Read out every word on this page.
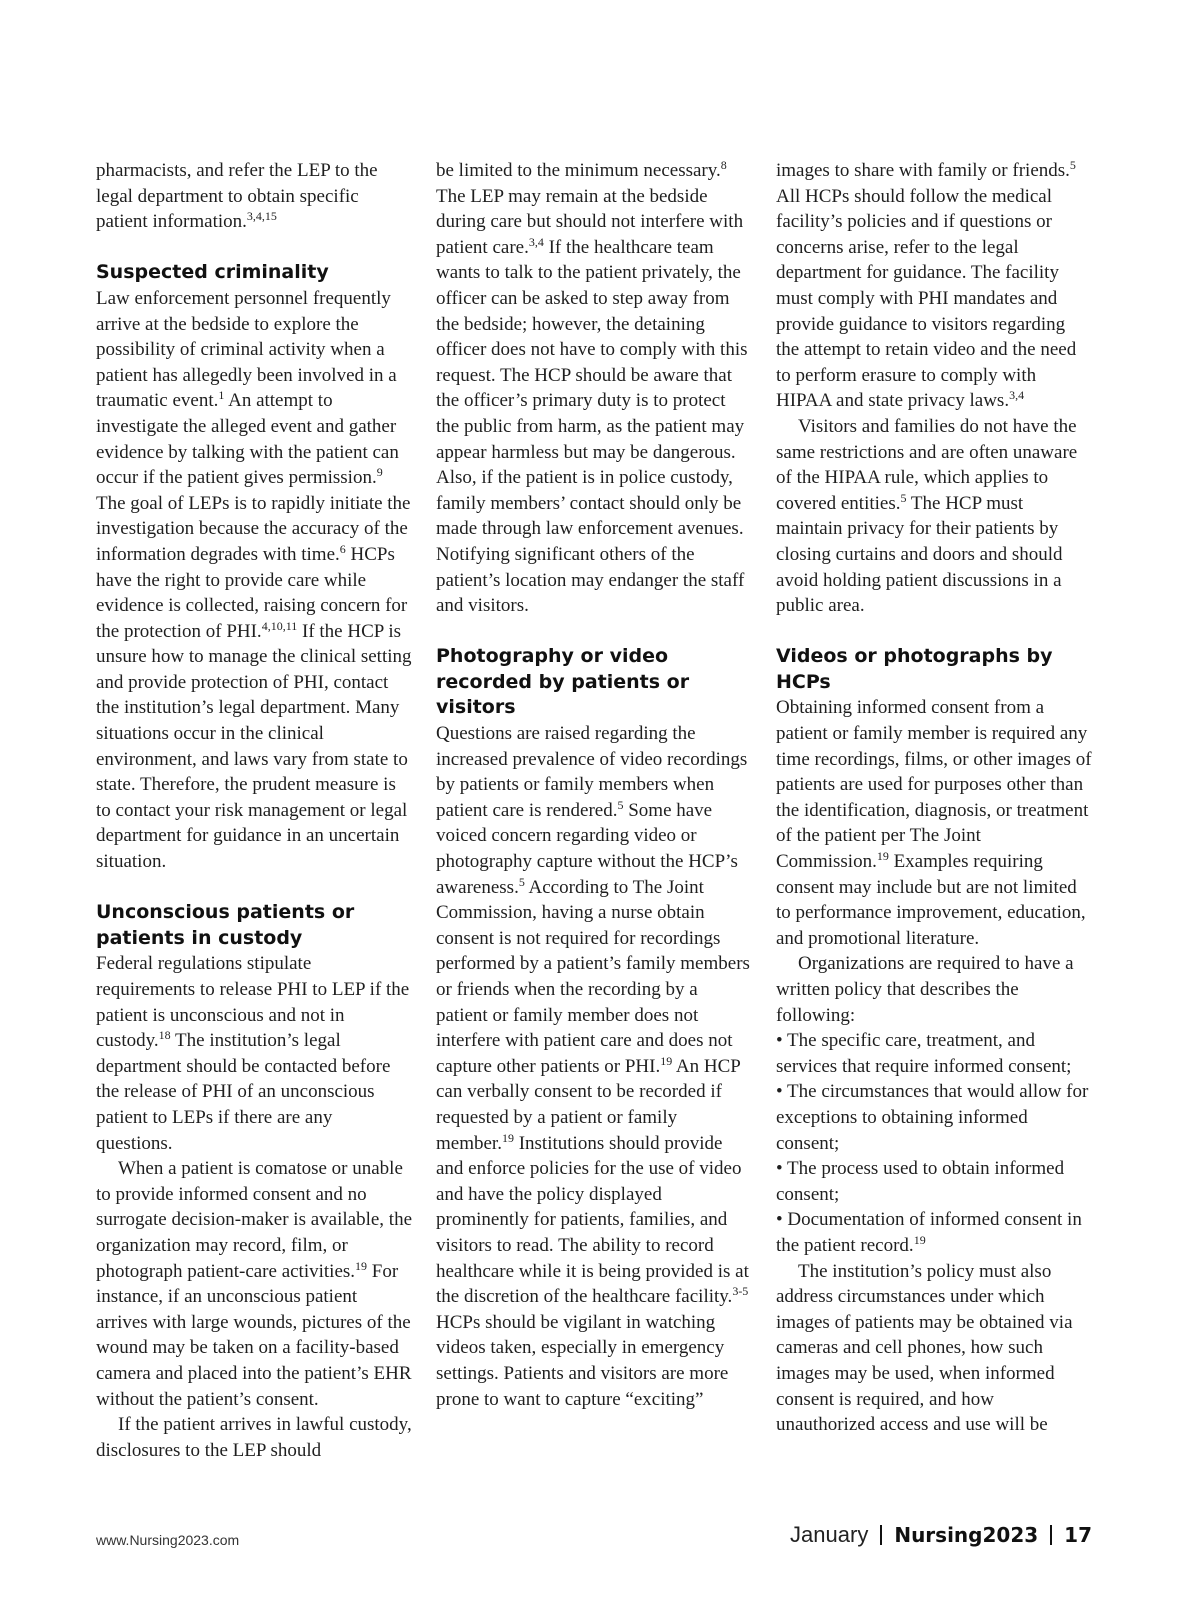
pharmacists, and refer the LEP to the legal department to obtain specific patient information.$^{3,4,15}$

Suspected criminality

Law enforcement personnel frequently arrive at the bedside to explore the possibility of criminal activity when a patient has allegedly been involved in a traumatic event.$^1$ An attempt to investigate the alleged event and gather evidence by talking with the patient can occur if the patient gives permission.$^9$ The goal of LEPs is to rapidly initiate the investigation because the accuracy of the information degrades with time.$^6$ HCPs have the right to provide care while evidence is collected, raising concern for the protection of PHI.$^{4,10,11}$ If the HCP is unsure how to manage the clinical setting and provide protection of PHI, contact the institution’s legal department. Many situations occur in the clinical environment, and laws vary from state to state. Therefore, the prudent measure is to contact your risk management or legal department for guidance in an uncertain situation.

Unconscious patients or patients in custody

Federal regulations stipulate requirements to release PHI to LEP if the patient is unconscious and not in custody.$^{18}$ The institution’s legal department should be contacted before the release of PHI of an unconscious patient to LEPs if there are any questions.

When a patient is comatose or unable to provide informed consent and no surrogate decision-maker is available, the organization may record, film, or photograph patient-care activities.$^{19}$ For instance, if an unconscious patient arrives with large wounds, pictures of the wound may be taken on a facility-based camera and placed into the patient’s EHR without the patient’s consent.

If the patient arrives in lawful custody, disclosures to the LEP should

be limited to the minimum necessary.$^8$ The LEP may remain at the bedside during care but should not interfere with patient care.$^{3,4}$ If the healthcare team wants to talk to the patient privately, the officer can be asked to step away from the bedside; however, the detaining officer does not have to comply with this request. The HCP should be aware that the officer’s primary duty is to protect the public from harm, as the patient may appear harmless but may be dangerous. Also, if the patient is in police custody, family members’ contact should only be made through law enforcement avenues. Notifying significant others of the patient’s location may endanger the staff and visitors.

Photography or video recorded by patients or visitors

Questions are raised regarding the increased prevalence of video recordings by patients or family members when patient care is rendered.$^5$ Some have voiced concern regarding video or photography capture without the HCP’s awareness.$^5$ According to The Joint Commission, having a nurse obtain consent is not required for recordings performed by a patient’s family members or friends when the recording by a patient or family member does not interfere with patient care and does not capture other patients or PHI.$^{19}$ An HCP can verbally consent to be recorded if requested by a patient or family member.$^{19}$ Institutions should provide and enforce policies for the use of video and have the policy displayed prominently for patients, families, and visitors to read. The ability to record healthcare while it is being provided is at the discretion of the healthcare facility.$^{3-5}$ HCPs should be vigilant in watching videos taken, especially in emergency settings. Patients and visitors are more prone to want to capture “exciting”

images to share with family or friends.$^5$ All HCPs should follow the medical facility’s policies and if questions or concerns arise, refer to the legal department for guidance. The facility must comply with PHI mandates and provide guidance to visitors regarding the attempt to retain video and the need to perform erasure to comply with HIPAA and state privacy laws.$^{3,4}$

Visitors and families do not have the same restrictions and are often unaware of the HIPAA rule, which applies to covered entities.$^5$ The HCP must maintain privacy for their patients by closing curtains and doors and should avoid holding patient discussions in a public area.

Videos or photographs by HCPs

Obtaining informed consent from a patient or family member is required any time recordings, films, or other images of patients are used for purposes other than the identification, diagnosis, or treatment of the patient per The Joint Commission.$^{19}$ Examples requiring consent may include but are not limited to performance improvement, education, and promotional literature.

Organizations are required to have a written policy that describes the following:

• The specific care, treatment, and services that require informed consent;

• The circumstances that would allow for exceptions to obtaining informed consent;

• The process used to obtain informed consent;

• Documentation of informed consent in the patient record.$^{19}$

The institution’s policy must also address circumstances under which images of patients may be obtained via cameras and cell phones, how such images may be used, when informed consent is required, and how unauthorized access and use will be

www.Nursing2023.com	January Nursing2023 17
